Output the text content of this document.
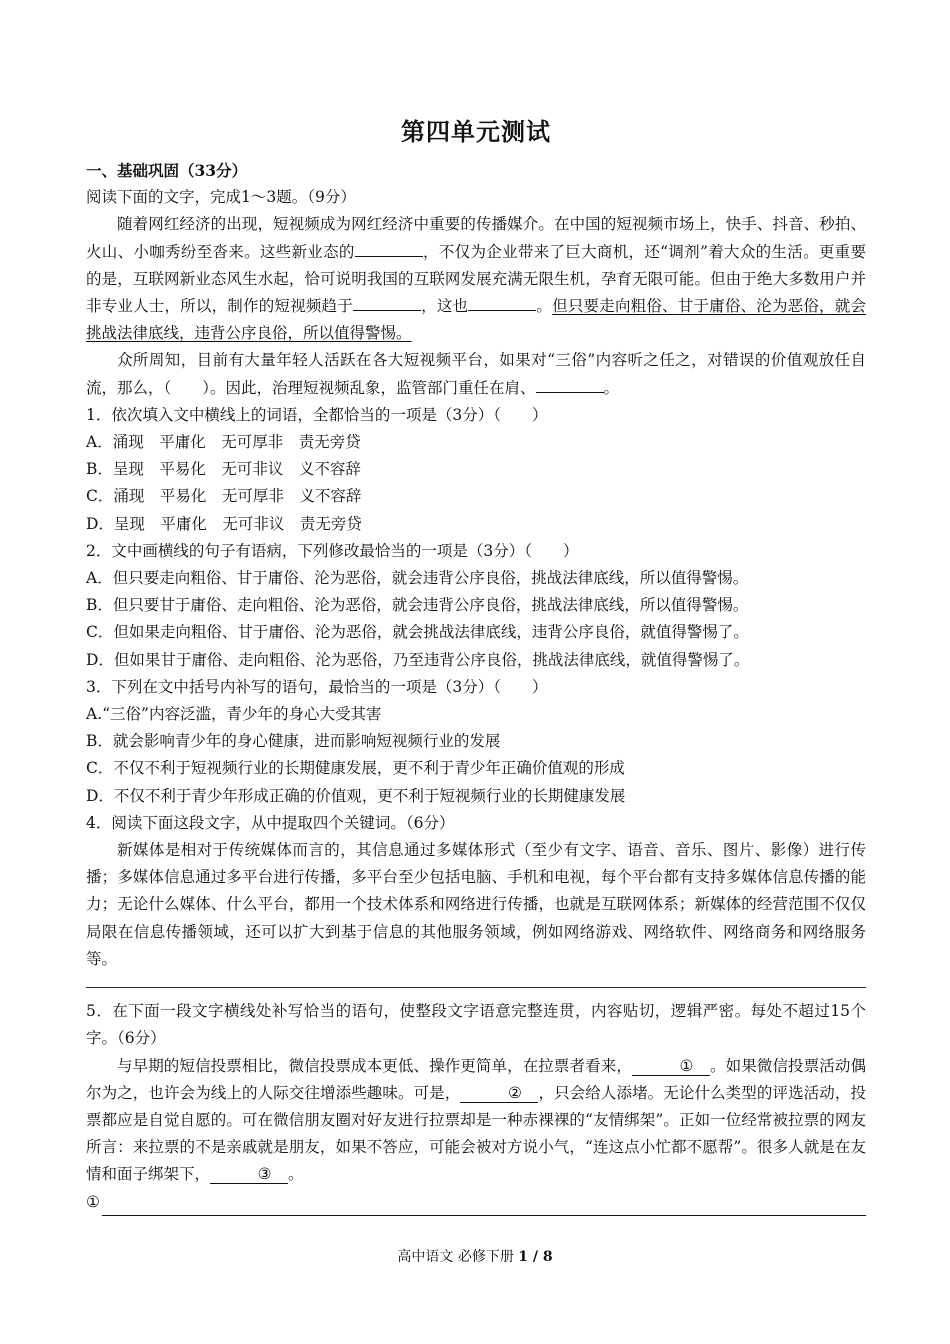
第四单元测试

一、基础巩固（33分）

阅读下面的文字，完成1～3题。（9分）

随着网红经济的出现，短视频成为网红经济中重要的传播媒介。在中国的短视频市场上，快手、抖音、秒拍、火山、小咖秀纷至沓来。这些新业态的	，不仅为企业带来了巨大商机，还“调剂”着大众的生活。更重要的是，互联网新业态风生水起，恰可说明我国的互联网发展充满无限生机，孕育无限可能。但由于绝大多数用户并非专业人士，所以，制作的短视频趋于	，这也	。但只要走向粗俗、甘于庸俗、沦为恶俗，就会挑战法律底线，违背公序良俗，所以值得警惕。

众所周知，目前有大量年轻人活跃在各大短视频平台，如果对“三俗”内容听之任之，对错误的价值观放任自流，那么，（　　）。因此，治理短视频乱象，监管部门重任在肩、	。

1．依次填入文中横线上的词语，全都恰当的一项是（3分）（　　）

A．涌现　平庸化　无可厚非　责无旁贷

B．呈现　平易化　无可非议　义不容辞

C．涌现　平易化　无可厚非　义不容辞

D．呈现　平庸化　无可非议　责无旁贷

2．文中画横线的句子有语病，下列修改最恰当的一项是（3分）（　　）

A．但只要走向粗俗、甘于庸俗、沦为恶俗，就会违背公序良俗，挑战法律底线，所以值得警惕。

B．但只要甘于庸俗、走向粗俗、沦为恶俗，就会违背公序良俗，挑战法律底线，所以值得警惕。

C．但如果走向粗俗、甘于庸俗、沦为恶俗，就会挑战法律底线，违背公序良俗，就值得警惕了。

D．但如果甘于庸俗、走向粗俗、沦为恶俗，乃至违背公序良俗，挑战法律底线，就值得警惕了。

3．下列在文中括号内补写的语句，最恰当的一项是（3分）（　　）

A.“三俗”内容泛滥，青少年的身心大受其害

B．就会影响青少年的身心健康，进而影响短视频行业的发展

C．不仅不利于短视频行业的长期健康发展，更不利于青少年正确价值观的形成

D．不仅不利于青少年形成正确的价值观，更不利于短视频行业的长期健康发展

4．阅读下面这段文字，从中提取四个关键词。（6分）

新媒体是相对于传统媒体而言的，其信息通过多媒体形式（至少有文字、语音、音乐、图片、影像）进行传播；多媒体信息通过多平台进行传播，多平台至少包括电脑、手机和电视，每个平台都有支持多媒体信息传播的能力；无论什么媒体、什么平台，都用一个技术体系和网络进行传播，也就是互联网体系；新媒体的经营范围不仅仅局限在信息传播领域，还可以扩大到基于信息的其他服务领域，例如网络游戏、网络软件、网络商务和网络服务等。

5．在下面一段文字横线处补写恰当的语句，使整段文字语意完整连贯，内容贴切，逻辑严密。每处不超过15个字。（6分）

与早期的短信投票相比，微信投票成本更低、操作更简单，在拉票者看来，	① 。如果微信投票活动偶尔为之，也许会为线上的人际交往增添些趣味。可是，	② ，只会给人添堵。无论什么类型的评选活动，投票都应是自觉自愿的。可在微信朋友圈对好友进行拉票却是一种赤裸裸的“友情绑架”。正如一位经常被拉票的网友所言：来拉票的不是亲戚就是朋友，如果不答应，可能会被对方说小气，“连这点小忙都不愿帮”。很多人就是在友情和面子绑架下，	③ 。

①
高中语文 必修下册 1 / 8
